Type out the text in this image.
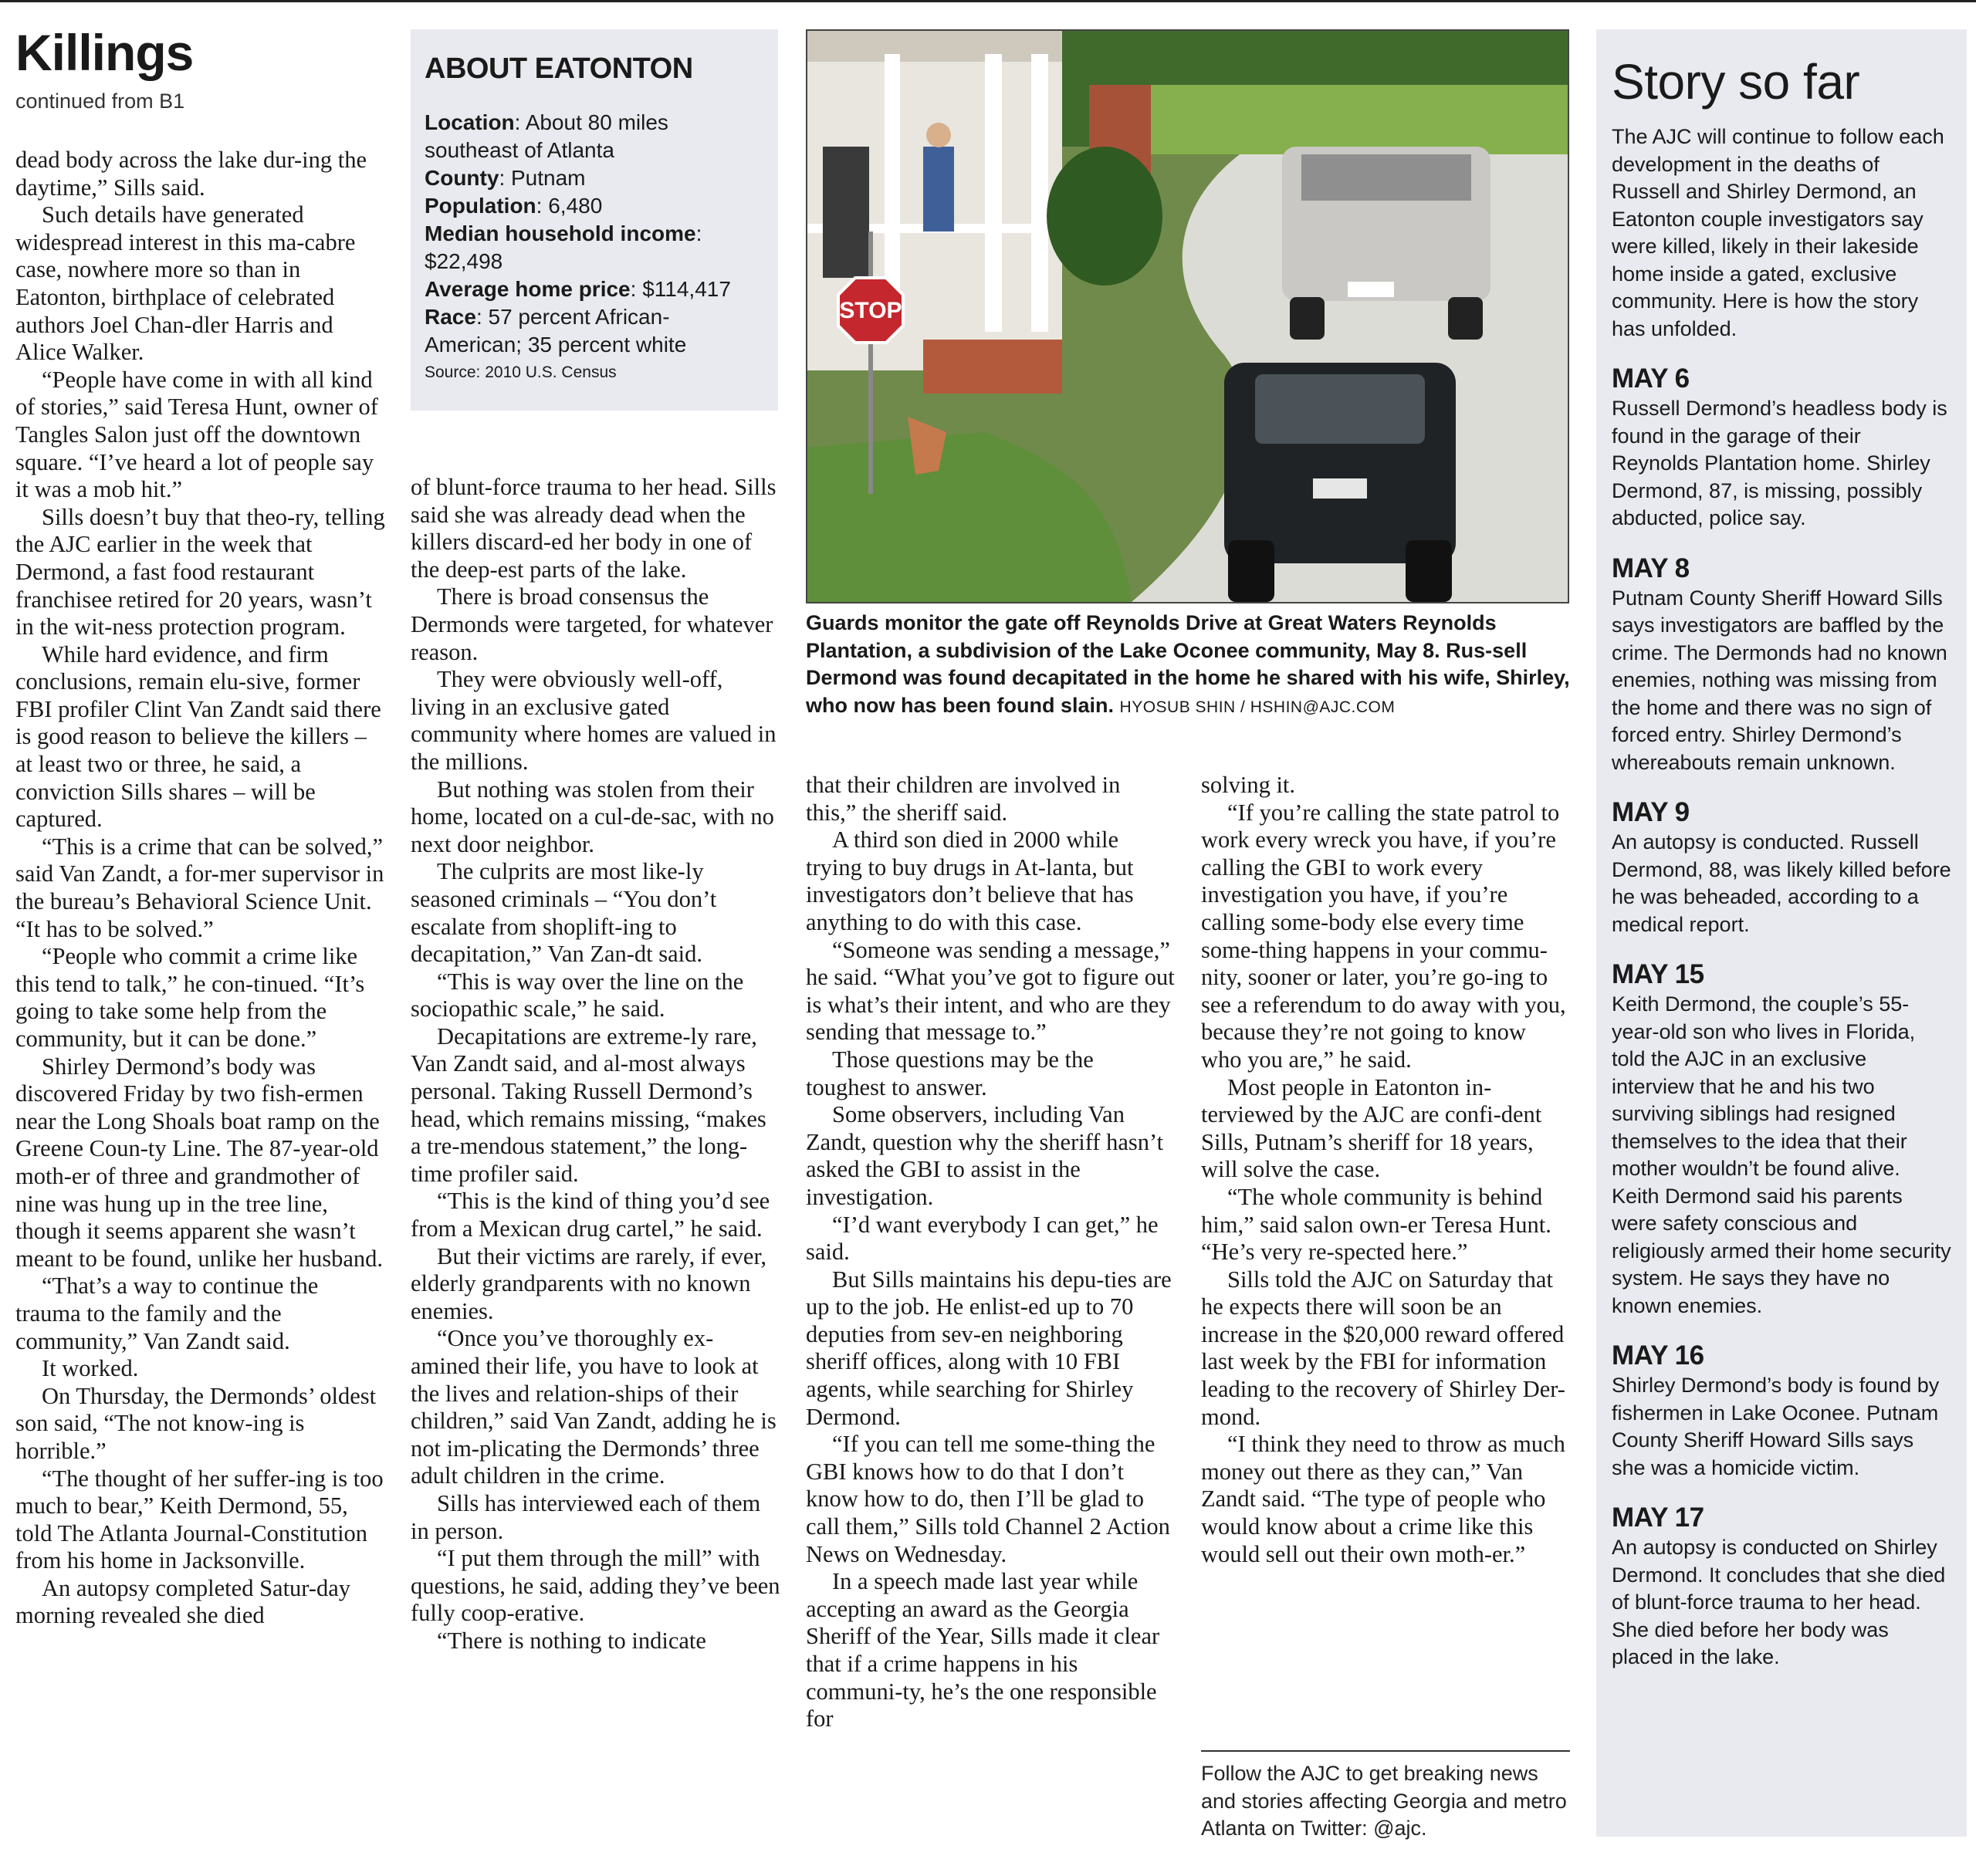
Killings
continued from B1

dead body across the lake dur-ing the daytime,” Sills said.

Such details have generated widespread interest in this ma-cabre case, nowhere more so than in Eatonton, birthplace of celebrated authors Joel Chan-dler Harris and Alice Walker.

“People have come in with all kind of stories,” said Teresa Hunt, owner of Tangles Salon just off the downtown square. “I’ve heard a lot of people say it was a mob hit.”

Sills doesn’t buy that theo-ry, telling the AJC earlier in the week that Dermond, a fast food restaurant franchisee retired for 20 years, wasn’t in the wit-ness protection program.

While hard evidence, and firm conclusions, remain elu-sive, former FBI profiler Clint Van Zandt said there is good reason to believe the killers – at least two or three, he said, a conviction Sills shares – will be captured.

“This is a crime that can be solved,” said Van Zandt, a for-mer supervisor in the bureau’s Behavioral Science Unit. “It has to be solved.”

“People who commit a crime like this tend to talk,” he con-tinued. “It’s going to take some help from the community, but it can be done.”

Shirley Dermond’s body was discovered Friday by two fish-ermen near the Long Shoals boat ramp on the Greene Coun-ty Line. The 87-year-old moth-er of three and grandmother of nine was hung up in the tree line, though it seems apparent she wasn’t meant to be found, unlike her husband.

“That’s a way to continue the trauma to the family and the community,” Van Zandt said.

It worked.

On Thursday, the Dermonds’ oldest son said, “The not know-ing is horrible.”

“The thought of her suffer-ing is too much to bear,” Keith Dermond, 55, told The Atlanta Journal-Constitution from his home in Jacksonville.

An autopsy completed Satur-day morning revealed she died

ABOUT EATONTON
Location: About 80 miles southeast of Atlanta
County: Putnam
Population: 6,480
Median household income: $22,498
Average home price: $114,417
Race: 57 percent African-American; 35 percent white
Source: 2010 U.S. Census

of blunt-force trauma to her head. Sills said she was already dead when the killers discard-ed her body in one of the deep-est parts of the lake.

There is broad consensus the Dermonds were targeted, for whatever reason.

They were obviously well-off, living in an exclusive gated community where homes are valued in the millions.

But nothing was stolen from their home, located on a cul-de-sac, with no next door neighbor.

The culprits are most like-ly seasoned criminals – “You don’t escalate from shoplift-ing to decapitation,” Van Zan-dt said.

“This is way over the line on the sociopathic scale,” he said.

Decapitations are extreme-ly rare, Van Zandt said, and al-most always personal. Taking Russell Dermond’s head, which remains missing, “makes a tre-mendous statement,” the long-time profiler said.

“This is the kind of thing you’d see from a Mexican drug cartel,” he said.

But their victims are rarely, if ever, elderly grandparents with no known enemies.

“Once you’ve thoroughly ex-amined their life, you have to look at the lives and relation-ships of their children,” said Van Zandt, adding he is not im-plicating the Dermonds’ three adult children in the crime.

Sills has interviewed each of them in person.

“I put them through the mill” with questions, he said, adding they’ve been fully coop-erative.

“There is nothing to indicate

STOP
Guards monitor the gate off Reynolds Drive at Great Waters Reynolds Plantation, a subdivision of the Lake Oconee community, May 8. Rus-sell Dermond was found decapitated in the home he shared with his wife, Shirley, who now has been found slain. HYOSUB SHIN / HSHIN@AJC.COM

that their children are involved in this,” the sheriff said.

A third son died in 2000 while trying to buy drugs in At-lanta, but investigators don’t believe that has anything to do with this case.

“Someone was sending a message,” he said. “What you’ve got to figure out is what’s their intent, and who are they sending that message to.”

Those questions may be the toughest to answer.

Some observers, including Van Zandt, question why the sheriff hasn’t asked the GBI to assist in the investigation.

“I’d want everybody I can get,” he said.

But Sills maintains his depu-ties are up to the job. He enlist-ed up to 70 deputies from sev-en neighboring sheriff offices, along with 10 FBI agents, while searching for Shirley Dermond.

“If you can tell me some-thing the GBI knows how to do that I don’t know how to do, then I’ll be glad to call them,” Sills told Channel 2 Action News on Wednesday.

In a speech made last year while accepting an award as the Georgia Sheriff of the Year, Sills made it clear that if a crime happens in his communi-ty, he’s the one responsible for

solving it.

“If you’re calling the state patrol to work every wreck you have, if you’re calling the GBI to work every investigation you have, if you’re calling some-body else every time some-thing happens in your commu-nity, sooner or later, you’re go-ing to see a referendum to do away with you, because they’re not going to know who you are,” he said.

Most people in Eatonton in-terviewed by the AJC are confi-dent Sills, Putnam’s sheriff for 18 years, will solve the case.

“The whole community is behind him,” said salon own-er Teresa Hunt. “He’s very re-spected here.”

Sills told the AJC on Saturday that he expects there will soon be an increase in the $20,000 reward offered last week by the FBI for information leading to the recovery of Shirley Der-mond.

“I think they need to throw as much money out there as they can,” Van Zandt said. “The type of people who would know about a crime like this would sell out their own moth-er.”

Follow the AJC to get breaking news and stories affecting Georgia and metro Atlanta on Twitter: @ajc.
Story so far
The AJC will continue to follow each development in the deaths of Russell and Shirley Dermond, an Eatonton couple investigators say were killed, likely in their lakeside home inside a gated, exclusive community. Here is how the story has unfolded.
MAY 6
Russell Dermond’s headless body is found in the garage of their Reynolds Plantation home. Shirley Dermond, 87, is missing, possibly abducted, police say.
MAY 8
Putnam County Sheriff Howard Sills says investigators are baffled by the crime. The Dermonds had no known enemies, nothing was missing from the home and there was no sign of forced entry. Shirley Dermond’s whereabouts remain unknown.
MAY 9
An autopsy is conducted. Russell Dermond, 88, was likely killed before he was beheaded, according to a medical report.
MAY 15
Keith Dermond, the couple’s 55-year-old son who lives in Florida, told the AJC in an exclusive interview that he and his two surviving siblings had resigned themselves to the idea that their mother wouldn’t be found alive. Keith Dermond said his parents were safety conscious and religiously armed their home security system. He says they have no known enemies.
MAY 16
Shirley Dermond’s body is found by fishermen in Lake Oconee. Putnam County Sheriff Howard Sills says she was a homicide victim.
MAY 17
An autopsy is conducted on Shirley Dermond. It concludes that she died of blunt-force trauma to her head. She died before her body was placed in the lake.
